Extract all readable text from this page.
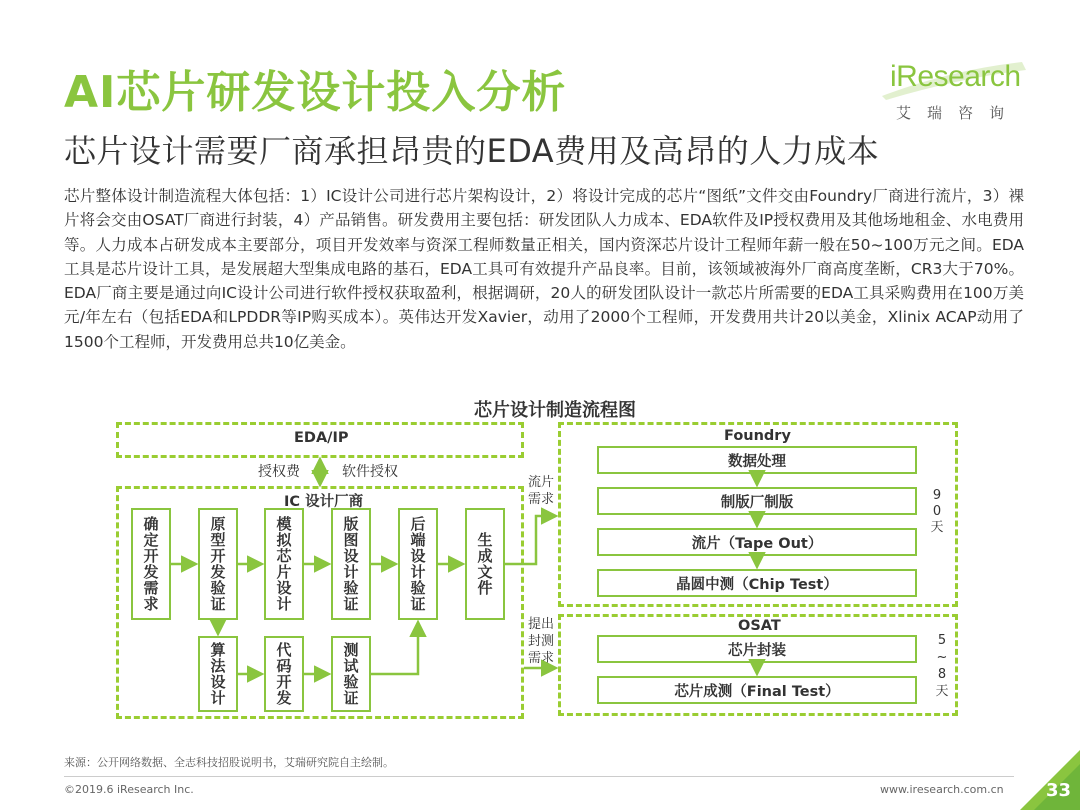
AI芯片研发设计投入分析
芯片设计需要厂商承担昂贵的EDA费用及高昂的人力成本
iResearch
艾瑞咨询
芯片整体设计制造流程大体包括：1）IC设计公司进行芯片架构设计，2）将设计完成的芯片“图纸”文件交由Foundry厂商进行流片，3）裸片将会交由OSAT厂商进行封装，4）产品销售。研发费用主要包括：研发团队人力成本、EDA软件及IP授权费用及其他场地租金、水电费用等。人力成本占研发成本主要部分，项目开发效率与资深工程师数量正相关，国内资深芯片设计工程师年薪一般在50~100万元之间。EDA工具是芯片设计工具，是发展超大型集成电路的基石，EDA工具可有效提升产品良率。目前，该领域被海外厂商高度垄断，CR3大于70%。EDA厂商主要是通过向IC设计公司进行软件授权获取盈利，根据调研，20人的研发团队设计一款芯片所需要的EDA工具采购费用在100万美元/年左右（包括EDA和LPDDR等IP购买成本）。英伟达开发Xavier，动用了2000个工程师，开发费用共计20以美金，Xlinix ACAP动用了1500个工程师，开发费用总共10亿美金。
芯片设计制造流程图
EDA/IP
授权费	软件授权
IC 设计厂商
Foundry
OSAT
确定开发需求	原型开发验证	模拟芯片设计	版图设计验证	后端设计验证	生成文件
算法设计	代码开发	测试验证
数据处理
制版厂制版
流片（Tape Out）
晶圆中测（Chip Test）
芯片封装
芯片成测（Final Test）
90天
5~8天
流片需求
提出封测需求
来源：公开网络数据、全志科技招股说明书，艾瑞研究院自主绘制。
©2019.6 iResearch Inc.	www.iresearch.com.cn 33
